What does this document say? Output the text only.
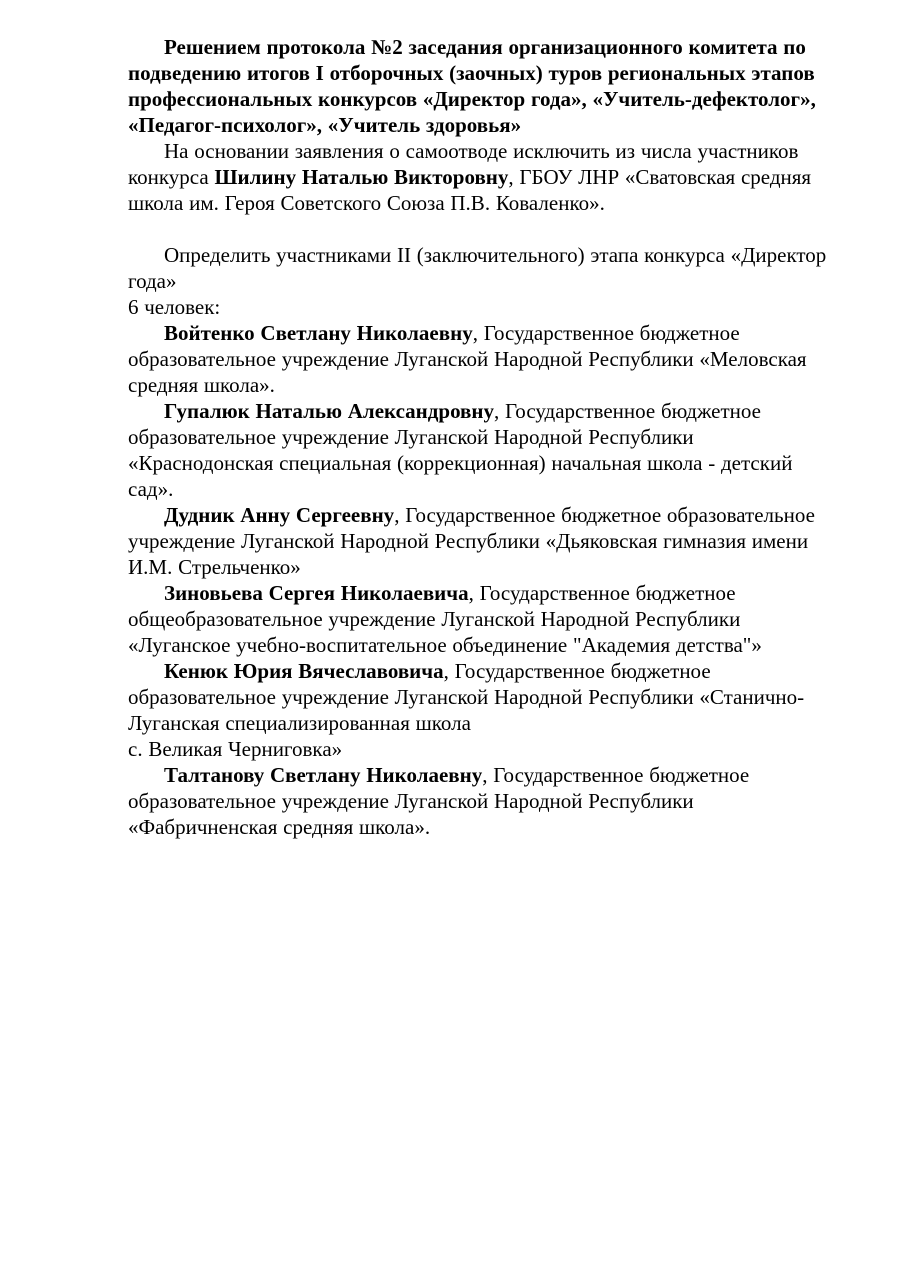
Решением протокола №2 заседания организационного комитета по подведению итогов I отборочных (заочных) туров региональных этапов профессиональных конкурсов «Директор года», «Учитель-дефектолог», «Педагог-психолог», «Учитель здоровья»

На основании заявления о самоотводе исключить из числа участников конкурса Шилину Наталью Викторовну, ГБОУ ЛНР «Сватовская средняя школа им. Героя Советского Союза П.В. Коваленко».

Определить участниками II (заключительного) этапа конкурса «Директор года»

6 человек:

Войтенко Светлану Николаевну, Государственное бюджетное образовательное учреждение Луганской Народной Республики «Меловская средняя школа».

Гупалюк Наталью Александровну, Государственное бюджетное образовательное учреждение Луганской Народной Республики «Краснодонская специальная (коррекционная) начальная школа - детский сад».

Дудник Анну Сергеевну, Государственное бюджетное образовательное учреждение Луганской Народной Республики «Дьяковская гимназия имени И.М. Стрельченко»

Зиновьева Сергея Николаевича, Государственное бюджетное общеобразовательное учреждение Луганской Народной Республики «Луганское учебно-воспитательное объединение "Академия детства"»

Кенюк Юрия Вячеславовича, Государственное бюджетное образовательное учреждение Луганской Народной Республики «Станично-Луганская специализированная школа
с. Великая Черниговка»

Талтанову Светлану Николаевну, Государственное бюджетное образовательное учреждение Луганской Народной Республики «Фабричненская средняя школа».
